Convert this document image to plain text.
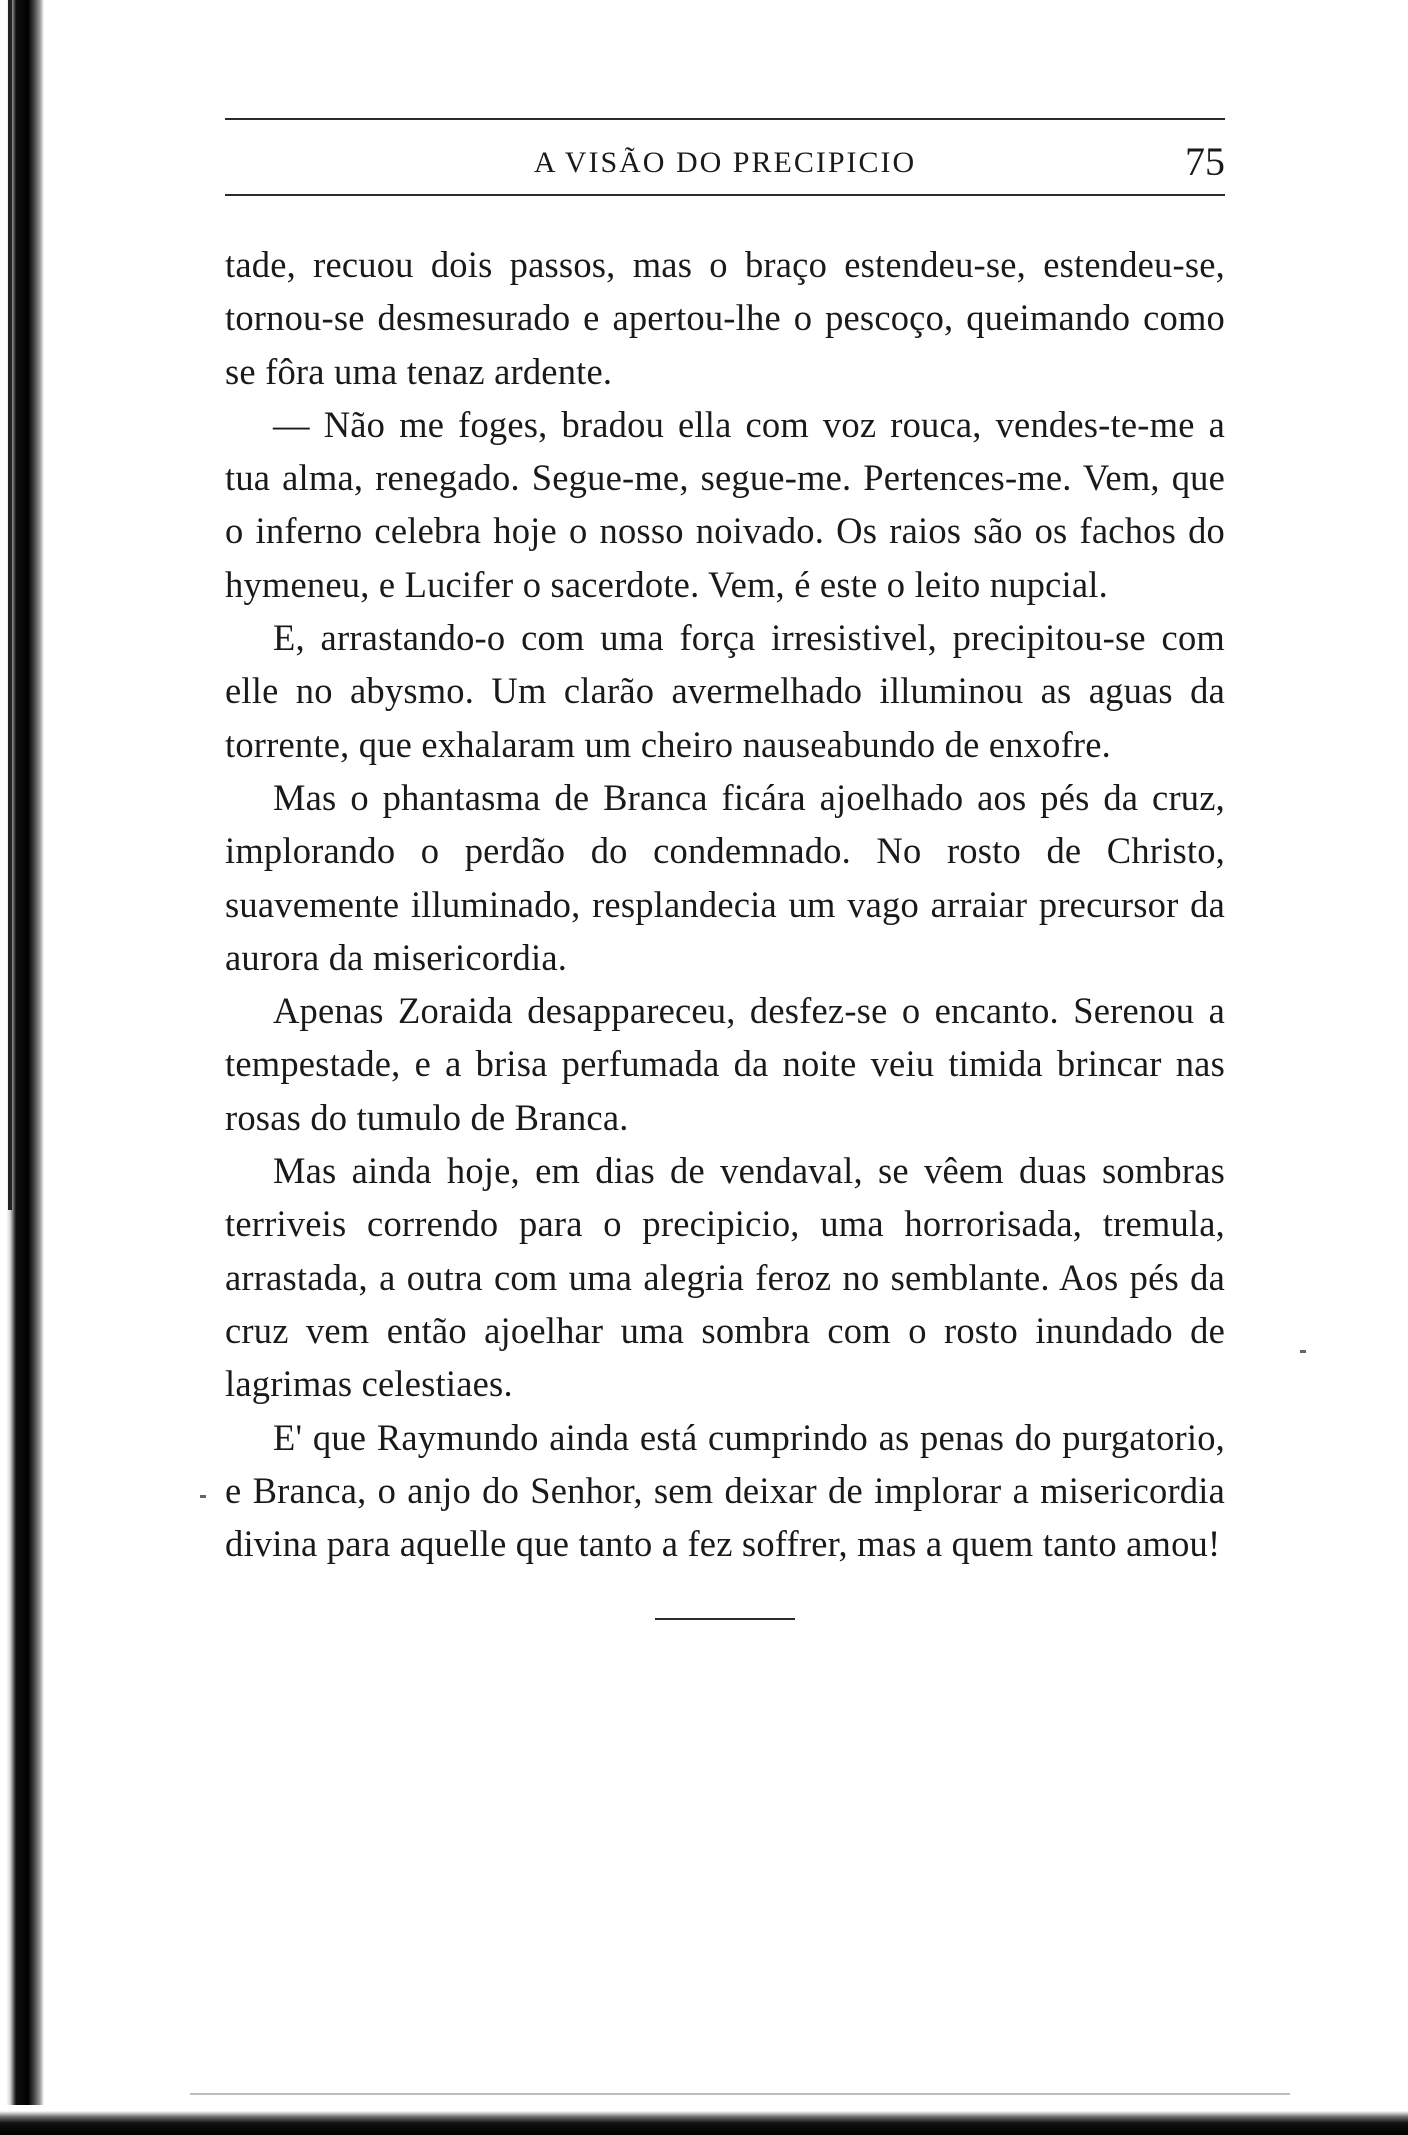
A VISÃO DO PRECIPICIO	75

tade, recuou dois passos, mas o braço estendeu-se, estendeu-se, tornou-se desmesurado e apertou-lhe o pescoço, queimando como se fôra uma tenaz ardente.

— Não me foges, bradou ella com voz rouca, vendes-te-me a tua alma, renegado. Segue-me, segue-me. Pertences-me. Vem, que o inferno celebra hoje o nosso noivado. Os raios são os fachos do hymeneu, e Lucifer o sacerdote. Vem, é este o leito nupcial.

E, arrastando-o com uma força irresistivel, precipitou-se com elle no abysmo. Um clarão avermelhado illuminou as aguas da torrente, que exhalaram um cheiro nauseabundo de enxofre.

Mas o phantasma de Branca ficára ajoelhado aos pés da cruz, implorando o perdão do condemnado. No rosto de Christo, suavemente illuminado, resplandecia um vago arraiar precursor da aurora da misericordia.

Apenas Zoraida desappareceu, desfez-se o encanto. Serenou a tempestade, e a brisa perfumada da noite veiu timida brincar nas rosas do tumulo de Branca.

Mas ainda hoje, em dias de vendaval, se vêem duas sombras terriveis correndo para o precipicio, uma horrorisada, tremula, arrastada, a outra com uma alegria feroz no semblante. Aos pés da cruz vem então ajoelhar uma sombra com o rosto inundado de lagrimas celestiaes.

E' que Raymundo ainda está cumprindo as penas do purgatorio, e Branca, o anjo do Senhor, sem deixar de implorar a misericordia divina para aquelle que tanto a fez soffrer, mas a quem tanto amou!
